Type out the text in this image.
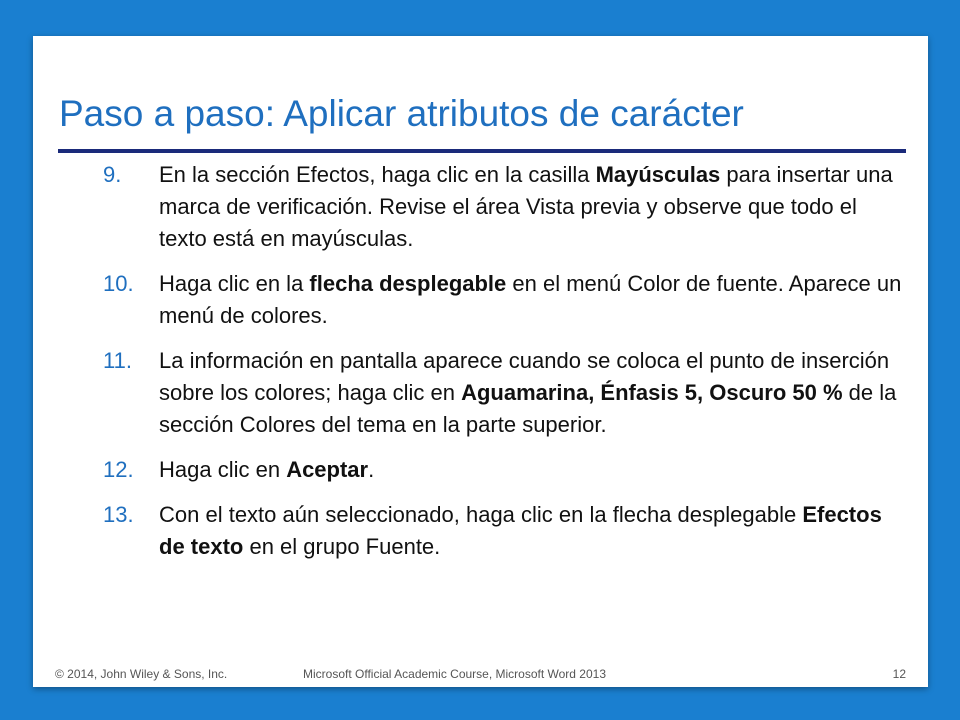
Paso a paso: Aplicar atributos de carácter
9. En la sección Efectos, haga clic en la casilla Mayúsculas para insertar una marca de verificación. Revise el área Vista previa y observe que todo el texto está en mayúsculas.
10. Haga clic en la flecha desplegable en el menú Color de fuente. Aparece un menú de colores.
11. La información en pantalla aparece cuando se coloca el punto de inserción sobre los colores; haga clic en Aguamarina, Énfasis 5, Oscuro 50 % de la sección Colores del tema en la parte superior.
12. Haga clic en Aceptar.
13. Con el texto aún seleccionado, haga clic en la flecha desplegable Efectos de texto en el grupo Fuente.
© 2014, John Wiley & Sons, Inc.	Microsoft Official Academic Course, Microsoft Word 2013	12
